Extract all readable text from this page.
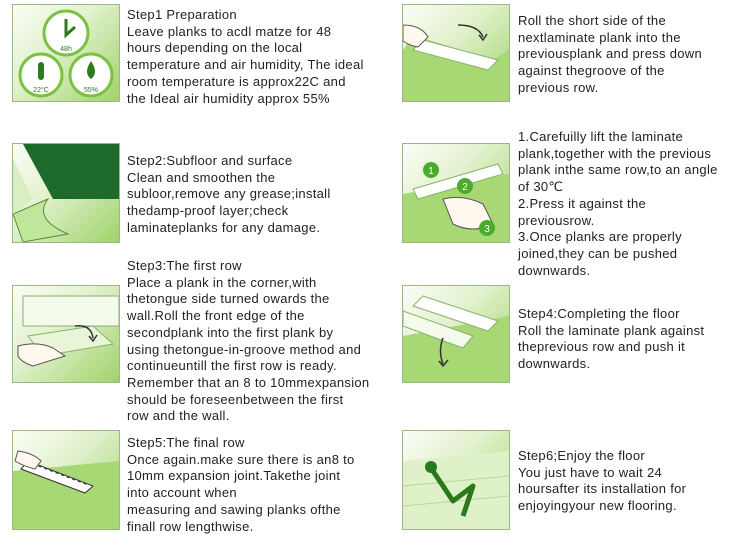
48h
22°C	55%

Step1 Preparation

Leave planks to acdl matze for 48
hours depending on the local
temperature and air humidity, The ideal
room temperature is approx22C and
the Ideal air humidity approx 55%

Step2:Subfloor and surface

Clean and smoothen the
subloor,remove any grease;install
thedamp-proof layer;check
laminateplanks for any damage.

Step3:The first row

Place a plank in the corner,with
thetongue side turned owards the
wall.Roll the front edge of the
secondplank into the first plank by
using thetongue-in-groove method and
continueuntill the first row is ready.
Remember that an 8 to 10mmexpansion
should be foreseenbetween the first
row and the wall.

Step5:The final row

Once again.make sure there is an8 to
10mm expansion joint.Takethe joint
into account when
measuring and sawing planks ofthe
finall row lengthwise.

Roll the short side of the
nextlaminate plank into the
previousplank and press down
against thegroove of the
previous row.

1
2
3

1.Carefuilly lift the laminate
plank,together with the previous
plank inthe same row,to an angle
of 30℃
2.Press it against the
previousrow.
3.Once planks are properly
joined,they can be pushed
downwards.

Step4:Completing the floor

Roll the laminate plank against
theprevious row and push it
downwards.

Step6;Enjoy the floor

You just have to wait 24
hoursafter its installation for
enjoyingyour new flooring.
